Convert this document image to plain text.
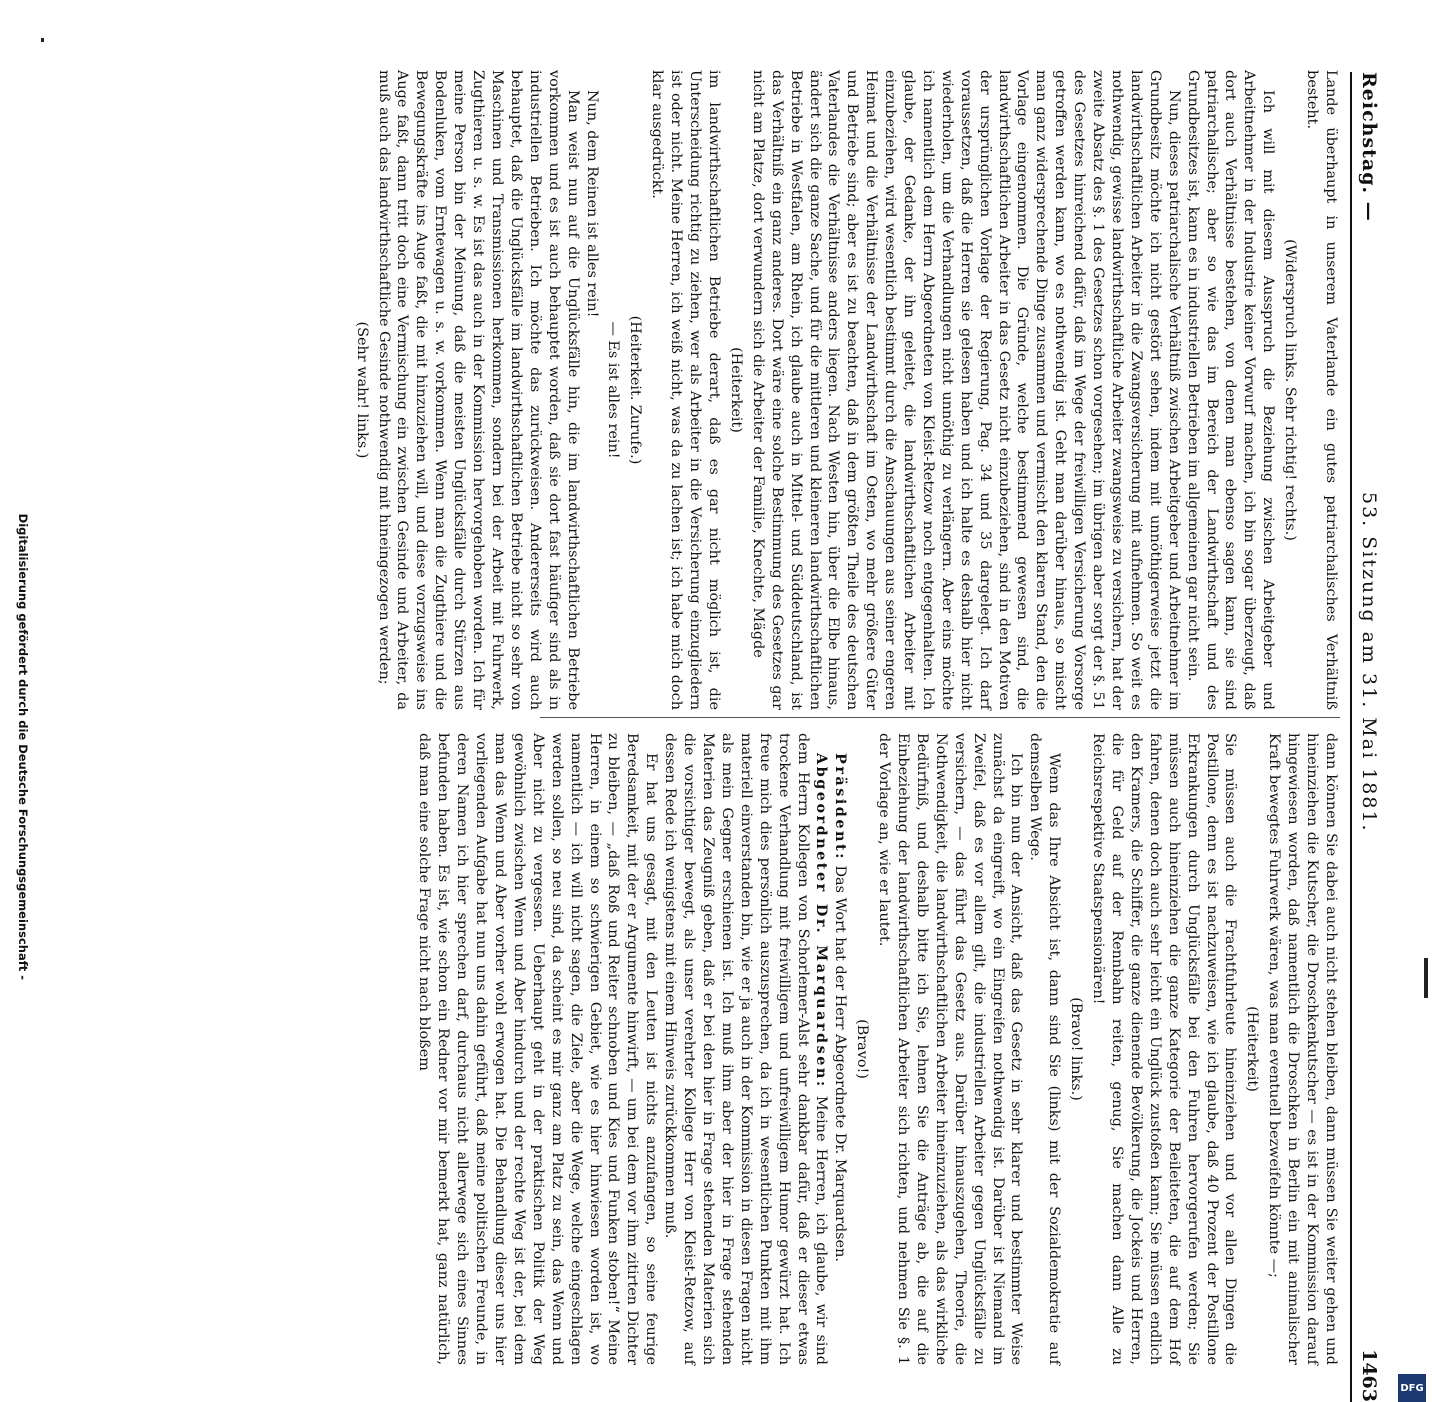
Reichstag. —
53. Sitzung am 31. Mai 1881.
1463

Lande überhaupt in unserem Vaterlande ein gutes patriarchalisches Verhältniß besteht.

(Widerspruch links. Sehr richtig! rechts.)

Ich will mit diesem Ausspruch die Beziehung zwischen Arbeitgeber und Arbeitnehmer in der Industrie keiner Vorwurf machen, ich bin sogar überzeugt, daß dort auch Verhältnisse bestehen, von denen man ebenso sagen kann, sie sind patriarchalische; aber so wie das im Bereich der Landwirthschaft und des Grundbesitzes ist, kann es in industriellen Betrieben im allgemeinen gar nicht sein.

Nun, dieses patriarchalische Verhältniß zwischen Arbeitgeber und Arbeitnehmer im Grundbesitz möchte ich nicht gestört sehen, indem mit unnöthigerweise jetzt die landwirthschaftlichen Arbeiter in die Zwangsversicherung mit aufnehmen. So weit es nothwendig, gewisse landwirthschaftliche Arbeiter zwangsweise zu versichern, hat der zweite Absatz des §. 1 des Gesetzes schon vorgesehen; im übrigen aber sorgt der §. 51 des Gesetzes hinreichend dafür, daß im Wege der freiwilligen Versicherung Vorsorge getroffen werden kann, wo es nothwendig ist. Geht man darüber hinaus, so mischt man ganz widersprechende Dinge zusammen und vermischt den klaren Stand, den die Vorlage eingenommen. Die Gründe, welche bestimmend gewesen sind, die landwirthschaftlichen Arbeiter in das Gesetz nicht einzubeziehen, sind in den Motiven der ursprünglichen Vorlage der Regierung, Pag. 34 und 35 dargelegt. Ich darf voraussetzen, daß die Herren sie gelesen haben und ich halte es deshalb hier nicht wiederholen, um die Verhandlungen nicht unnöthig zu verlängern. Aber eins möchte ich namentlich dem Herrn Abgeordneten von Kleist-Retzow noch entgegenhalten. Ich glaube, der Gedanke, der ihn geleitet, die landwirthschaftlichen Arbeiter mit einzubeziehen, wird wesentlich bestimmt durch die Anschauungen aus seiner engeren Heimat und die Verhältnisse der Landwirthschaft im Osten, wo mehr größere Güter und Betriebe sind; aber es ist zu beachten, daß in dem größten Theile des deutschen Vaterlandes die Verhältnisse anders liegen. Nach Westen hin, über die Elbe hinaus, ändert sich die ganze Sache, und für die mittleren und kleineren landwirthschaftlichen Betriebe in Westfalen, am Rhein, ich glaube auch in Mittel- und Süddeutschland, ist das Verhältniß ein ganz anderes. Dort wäre eine solche Bestimmung des Gesetzes gar nicht am Platze, dort verwundern sich die Arbeiter der Familie, Knechte, Mägde

(Heiterkeit)

im landwirthschaftlichen Betriebe derart, daß es gar nicht möglich ist, die Unterscheidung richtig zu ziehen, wer als Arbeiter in die Versicherung einzugliedern ist oder nicht. Meine Herren, ich weiß nicht, was da zu lachen ist; ich habe mich doch klar ausgedrückt.

(Heiterkeit. Zurufe.)

— Es ist alles rein!

Nun, dem Reinen ist alles rein!

Man weist nun auf die Unglücksfälle hin, die im landwirthschaftlichen Betriebe vorkommen und es ist auch behauptet worden, daß sie dort fast häufiger sind als in industriellen Betrieben. Ich möchte das zurückweisen. Andererseits wird auch behauptet, daß die Unglücksfälle im landwirthschaftlichen Betriebe nicht so sehr von Maschinen und Transmissionen herkommen, sondern bei der Arbeit mit Fuhrwerk, Zugthieren u. s. w. Es ist das auch in der Kommission hervorgehoben worden. Ich für meine Person bin der Meinung, daß die meisten Unglücksfälle durch Stürzen aus Bodenluken, vom Erntewagen u. s. w. vorkommen. Wenn man die Zugthiere und die Bewegungskräfte ins Auge faßt, die mit hinzuziehen will, und diese vorzugsweise ins Auge faßt, dann tritt doch eine Vermischung ein zwischen Gesinde und Arbeiter, da muß auch das landwirthschaftliche Gesinde nothwendig mit hineingezogen werden;

(Sehr wahr! links.)

dann können Sie dabei auch nicht stehen bleiben, dann müssen Sie weiter gehen und hineinziehen die Kutscher, die Droschkenkutscher — es ist in der Kommission darauf hingewiesen worden, daß namentlich die Droschken in Berlin ein mit animalischer Kraft bewegtes Fuhrwerk wären, was man eventuell bezweifeln könnte —;

(Heiterkeit)

Sie müssen auch die Frachtfuhrleute hineinziehen und vor allen Dingen die Postillone, denn es ist nachzuweisen, wie ich glaube, daß 40 Prozent der Postillone Erkrankungen durch Unglücksfälle bei den Fuhren hervorgerufen werden; Sie müssen auch hineinziehen die ganze Kategorie der Beileiteten, die auf dem Hof fahren, denen doch auch sehr leicht ein Unglück zustoßen kann; Sie müssen endlich den Kramers, die Schiffer, die ganze dienende Bevölkerung, die Jockeis und Herren, die für Geld auf der Rennbahn reiten, genug, Sie machen dann Alle zu Reichsrespektive Staatspensionären!

(Bravo! links.)

Wenn das Ihre Absicht ist, dann sind Sie (links) mit der Sozialdemokratie auf demselben Wege.

Ich bin nun der Ansicht, daß das Gesetz in sehr klarer und bestimmter Weise zunächst da eingreift, wo ein Eingreifen nothwendig ist. Darüber ist Niemand im Zweifel, daß es vor allem gilt, die industriellen Arbeiter gegen Unglücksfälle zu versichern, — das führt das Gesetz aus. Darüber hinauszugehen, Theorie, die Nothwendigkeit, die landwirthschaftlichen Arbeiter hineinzuziehen, als das wirkliche Bedürfniß, und deshalb bitte ich Sie, lehnen Sie die Anträge ab, die auf die Einbeziehung der landwirthschaftlichen Arbeiter sich richten, und nehmen Sie §. 1 der Vorlage an, wie er lautet.

(Bravo!)

Präsident: Das Wort hat der Herr Abgeordnete Dr. Marquardsen.

Abgeordneter Dr. Marquardsen: Meine Herren, ich glaube, wir sind dem Herrn Kollegen von Schorlemer-Alst sehr dankbar dafür, daß er dieser etwas trockene Verhandlung mit freiwilligem und unfreiwilligem Humor gewürzt hat. Ich freue mich dies persönlich auszusprechen, da ich in wesentlichen Punkten mit ihm materiell einverstanden bin, wie er ja auch in der Kommission in diesen Fragen nicht als mein Gegner erschienen ist. Ich muß ihm aber der hier in Frage stehenden Materien das Zeugniß geben, daß er bei den hier in Frage stehenden Materien sich die vorsichtiger bewegt, als unser verehrter Kollege Herr von Kleist-Retzow, auf dessen Rede ich wenigstens mit einem Hinweis zurückkommen muß.

Er hat uns gesagt, mit den Leuten ist nichts anzufangen, so seine feurige Beredsamkeit, mit der er Argumente hinwirft, — um bei dem vor ihm zitirten Dichter zu bleiben, — „daß Roß und Reiter schnoben und Kies und Funken stoben!“ Meine Herren, in einem so schwierigen Gebiet, wie es hier hinwiesen worden ist, wo namentlich — ich will nicht sagen, die Ziele, aber die Wege, welche eingeschlagen werden sollen, so neu sind, da scheint es mir ganz am Platz zu sein, das Wenn und Aber nicht zu vergessen. Ueberhaupt geht in der praktischen Politik der Weg gewöhnlich zwischen Wenn und Aber hindurch und der rechte Weg ist der, bei dem man das Wenn und Aber vorher wohl erwogen hat. Die Behandlung dieser uns hier vorliegenden Aufgabe hat nun uns dahin geführt, daß meine politischen Freunde, in deren Namen ich hier sprechen darf, durchaus nicht allerwege sich eines Sinnes befunden haben. Es ist, wie schon ein Redner vor mir bemerkt hat, ganz natürlich, daß man eine solche Frage nicht nach bloßem

Digitalisierung gefördert durch die Deutsche Forschungsgemeinschaft -
DFG
